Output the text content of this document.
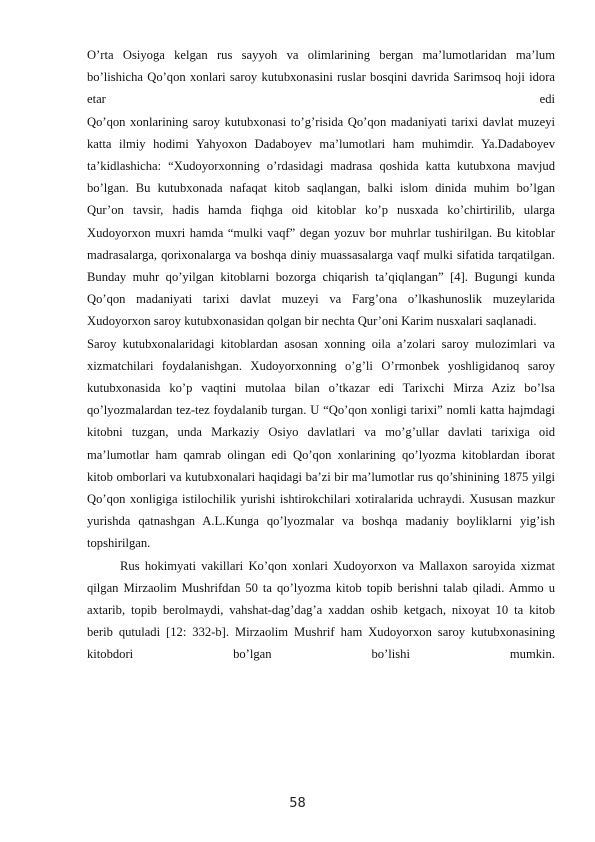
O’rta Osiyoga kelgan rus sayyoh va olimlarining bergan ma’lumotlaridan ma’lum bo’lishicha Qo’qon xonlari saroy kutubxonasini ruslar bosqini davrida Sarimsoq hoji idora etar edi

Qo’qon xonlarining saroy kutubxonasi to’g’risida Qo’qon madaniyati tarixi davlat muzeyi katta ilmiy hodimi Yahyoxon Dadaboyev ma’lumotlari ham muhimdir. Ya.Dadaboyev ta’kidlashicha: “Xudoyorxonning o’rdasidagi madrasa qoshida katta kutubxona mavjud bo’lgan. Bu kutubxonada nafaqat kitob saqlangan, balki islom dinida muhim bo’lgan Qur’on tavsir, hadis hamda fiqhga oid kitoblar ko’p nusxada ko’chirtirilib, ularga Xudoyorxon muxri hamda “mulki vaqf” degan yozuv bor muhrlar tushirilgan. Bu kitoblar madrasalarga, qorixonalarga va boshqa diniy muassasalarga vaqf mulki sifatida tarqatilgan. Bunday muhr qo’yilgan kitoblarni bozorga chiqarish ta’qiqlangan” [4]. Bugungi kunda Qo’qon madaniyati tarixi davlat muzeyi va Farg’ona o’lkashunoslik muzeylarida Xudoyorxon saroy kutubxonasidan qolgan bir nechta Qur’oni Karim nusxalari saqlanadi.

Saroy kutubxonalaridagi kitoblardan asosan xonning oila a’zolari saroy mulozimlari va xizmatchilari foydalanishgan. Xudoyorxonning o’g’li O’rmonbek yoshligidanoq saroy kutubxonasida ko’p vaqtini mutolaa bilan o’tkazar edi Tarixchi Mirza Aziz bo’lsa qo’lyozmalardan tez-tez foydalanib turgan. U “Qo’qon xonligi tarixi” nomli katta hajmdagi kitobni tuzgan, unda Markaziy Osiyo davlatlari va mo’g’ullar davlati tarixiga oid ma’lumotlar ham qamrab olingan edi Qo’qon xonlarining qo’lyozma kitoblardan iborat kitob omborlari va kutubxonalari haqidagi ba’zi bir ma’lumotlar rus qo’shinining 1875 yilgi Qo’qon xonligiga istilochilik yurishi ishtirokchilari xotiralarida uchraydi. Xususan mazkur yurishda qatnashgan A.L.Kunga qo’lyozmalar va boshqa madaniy boyliklarni yig’ish topshirilgan.

Rus hokimyati vakillari Ko’qon xonlari Xudoyorxon va Mallaxon saroyida xizmat qilgan Mirzaolim Mushrifdan 50 ta qo’lyozma kitob topib berishni talab qiladi. Ammo u axtarib, topib berolmaydi, vahshat-dag’dag’a xaddan oshib ketgach, nixoyat 10 ta kitob berib qutuladi [12: 332-b]. Mirzaolim Mushrif ham Xudoyorxon saroy kutubxonasining kitobdori bo’lgan bo’lishi mumkin.

58
